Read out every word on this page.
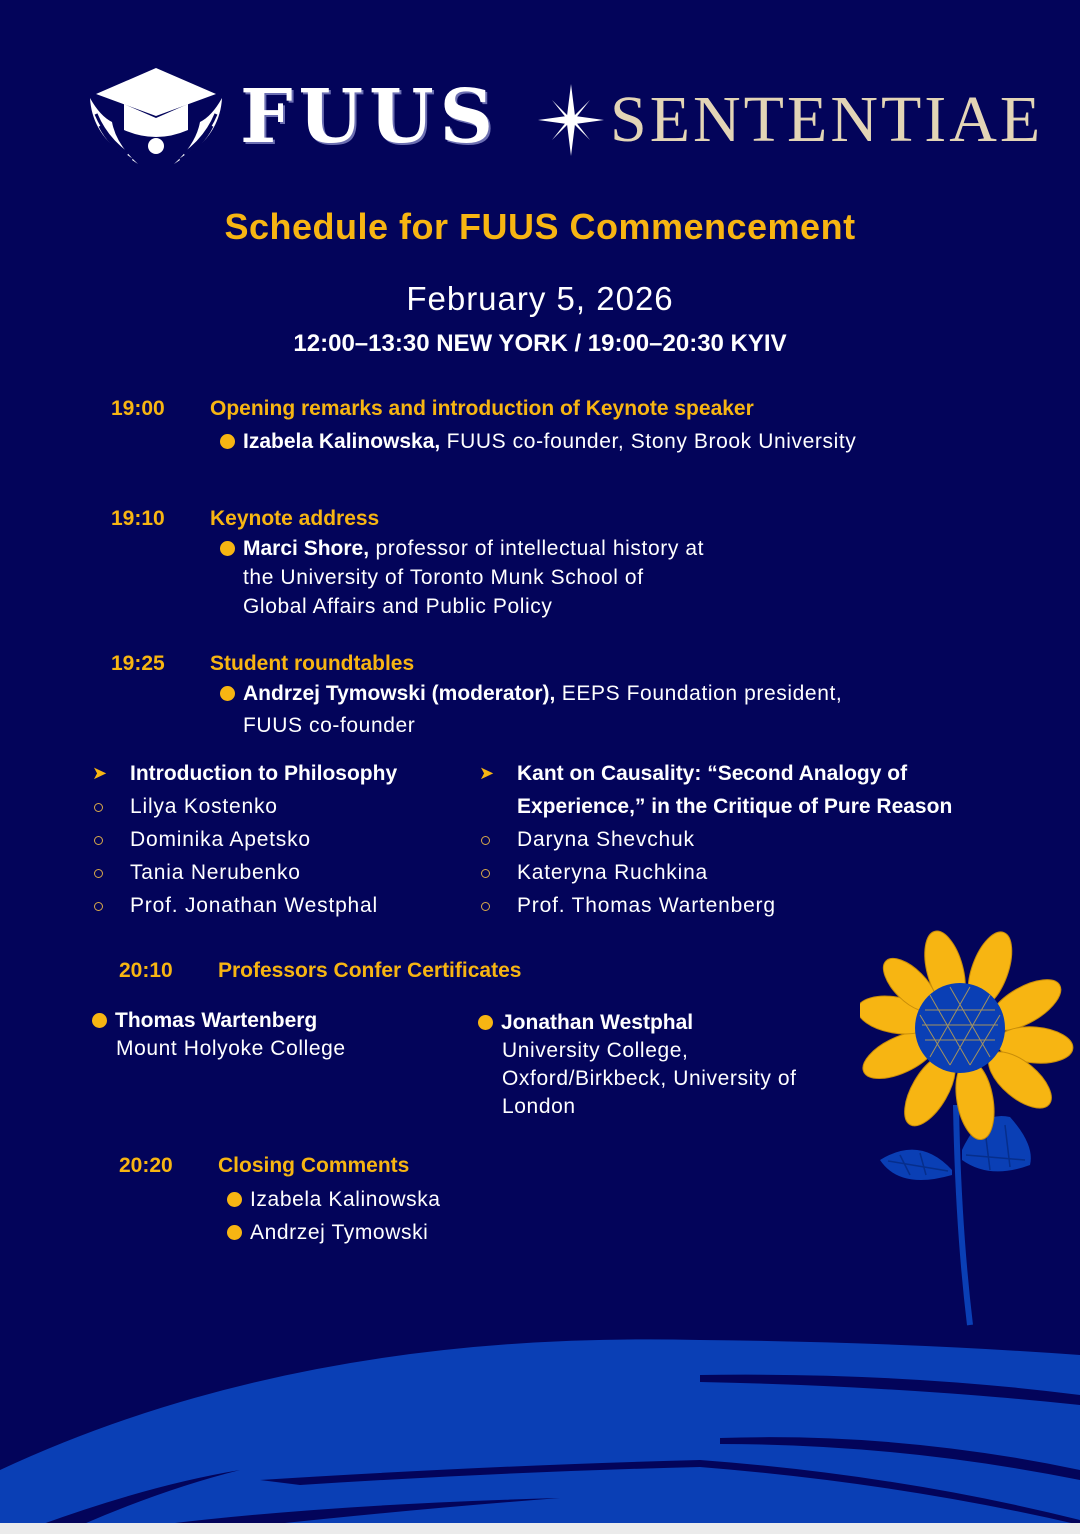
FUUS SENTENTIAE
Schedule for FUUS Commencement
February 5, 2026
12:00–13:30 NEW YORK / 19:00–20:30 KYIV
19:00 Opening remarks and introduction of Keynote speaker
Izabela Kalinowska, FUUS co-founder, Stony Brook University
19:10 Keynote address
Marci Shore, professor of intellectual history at
the University of Toronto Munk School of
Global Affairs and Public Policy
19:25 Student roundtables
Andrzej Tymowski (moderator), EEPS Foundation president,
FUUS co-founder
➤ Introduction to Philosophy
Lilya Kostenko
Dominika Apetsko
Tania Nerubenko
Prof. Jonathan Westphal
➤ Kant on Causality: “Second Analogy of
Experience,” in the Critique of Pure Reason
Daryna Shevchuk
Kateryna Ruchkina
Prof. Thomas Wartenberg
20:10 Professors Confer Certificates
Thomas Wartenberg
Mount Holyoke College
Jonathan Westphal
University College,
Oxford/Birkbeck, University of
London
20:20 Closing Comments
Izabela Kalinowska
Andrzej Tymowski
